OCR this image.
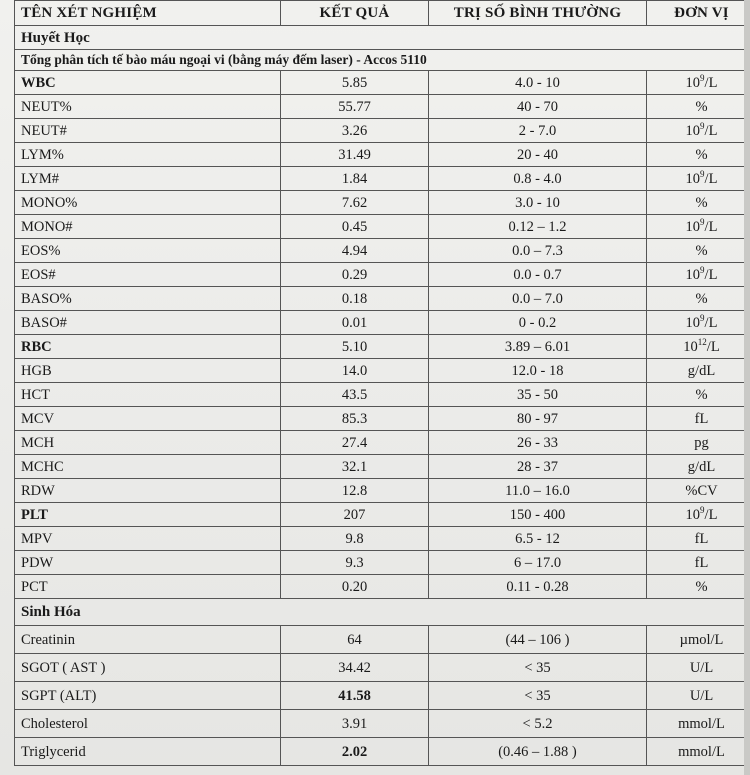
TÊN XÉT NGHIỆM	KẾT QUẢ	TRỊ SỐ BÌNH THƯỜNG	ĐƠN VỊ
Huyết Học			
Tổng phân tích tế bào máu ngoại vi (bằng máy đếm laser) - Accos 5110			
WBC	5.85	4.0 - 10	$10^9/L$
NEUT%	55.77	40 - 70	%
NEUT#	3.26	2 - 7.0	$10^9/L$
LYM%	31.49	20 - 40	%
LYM#	1.84	0.8 - 4.0	$10^9/L$
MONO%	7.62	3.0 - 10	%
MONO#	0.45	0.12 – 1.2	$10^9/L$
EOS%	4.94	0.0 – 7.3	%
EOS#	0.29	0.0 - 0.7	$10^9/L$
BASO%	0.18	0.0 – 7.0	%
BASO#	0.01	0 - 0.2	$10^9/L$
RBC	5.10	3.89 – 6.01	$10^{12}/L$
HGB	14.0	12.0 - 18	g/dL
HCT	43.5	35 - 50	%
MCV	85.3	80 - 97	fL
MCH	27.4	26 - 33	pg
MCHC	32.1	28 - 37	g/dL
RDW	12.8	11.0 – 16.0	%CV
PLT	207	150 - 400	$10^9/L$
MPV	9.8	6.5 - 12	fL
PDW	9.3	6 – 17.0	fL
PCT	0.20	0.11 - 0.28	%
Sinh Hóa			
Creatinin	64	(44 – 106 )	µmol/L
SGOT ( AST )	34.42	< 35	U/L
SGPT (ALT)	41.58	< 35	U/L
Cholesterol	3.91	< 5.2	mmol/L
Triglycerid	2.02	(0.46 – 1.88 )	mmol/L
